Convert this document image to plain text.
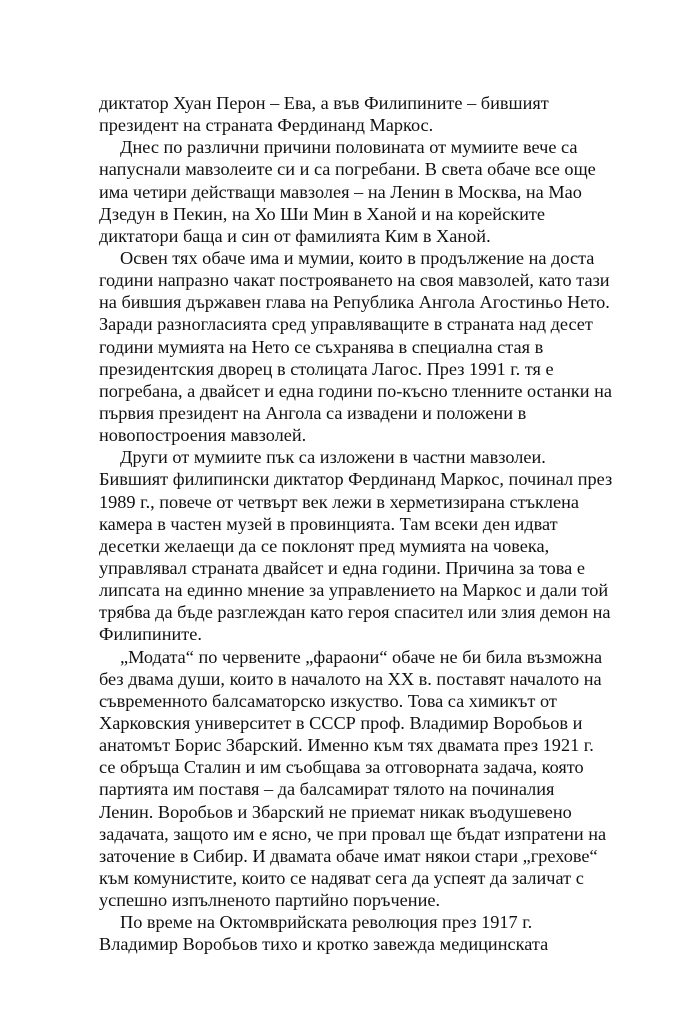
диктатор Хуан Перон – Ева, а във Филипините – бившият
президент на страната Фердинанд Маркос.
Днес по различни причини половината от мумиите вече са
напуснали мавзолеите си и са погребани. В света обаче все още
има четири действащи мавзолея – на Ленин в Москва, на Мао
Дзедун в Пекин, на Хо Ши Мин в Ханой и на корейските
диктатори баща и син от фамилията Ким в Ханой.
Освен тях обаче има и мумии, които в продължение на доста
години напразно чакат построяването на своя мавзолей, като тази
на бившия държавен глава на Република Ангола Агостиньо Нето.
Заради разногласията сред управляващите в страната над десет
години мумията на Нето се съхранява в специална стая в
президентския дворец в столицата Лагос. През 1991 г. тя е
погребана, а двайсет и една години по-късно тленните останки на
първия президент на Ангола са извадени и положени в
новопостроения мавзолей.
Други от мумиите пък са изложени в частни мавзолеи.
Бившият филипински диктатор Фердинанд Маркос, починал през
1989 г., повече от четвърт век лежи в херметизирана стъклена
камера в частен музей в провинцията. Там всеки ден идват
десетки желаещи да се поклонят пред мумията на човека,
управлявал страната двайсет и една години. Причина за това е
липсата на единно мнение за управлението на Маркос и дали той
трябва да бъде разглеждан като героя спасител или злия демон на
Филипините.
„Модата“ по червените „фараони“ обаче не би била възможна
без двама души, които в началото на ХХ в. поставят началото на
съвременното балсаматорско изкуство. Това са химикът от
Харковския университет в СССР проф. Владимир Воробьов и
анатомът Борис Збарский. Именно към тях двамата през 1921 г.
се обръща Сталин и им съобщава за отговорната задача, която
партията им поставя – да балсамират тялото на починалия
Ленин. Воробьов и Збарский не приемат никак въодушевено
задачата, защото им е ясно, че при провал ще бъдат изпратени на
заточение в Сибир. И двамата обаче имат някои стари „грехове“
към комунистите, които се надяват сега да успеят да заличат с
успешно изпълненото партийно поръчение.
По време на Октомврийската революция през 1917 г.
Владимир Воробьов тихо и кротко завежда медицинската
